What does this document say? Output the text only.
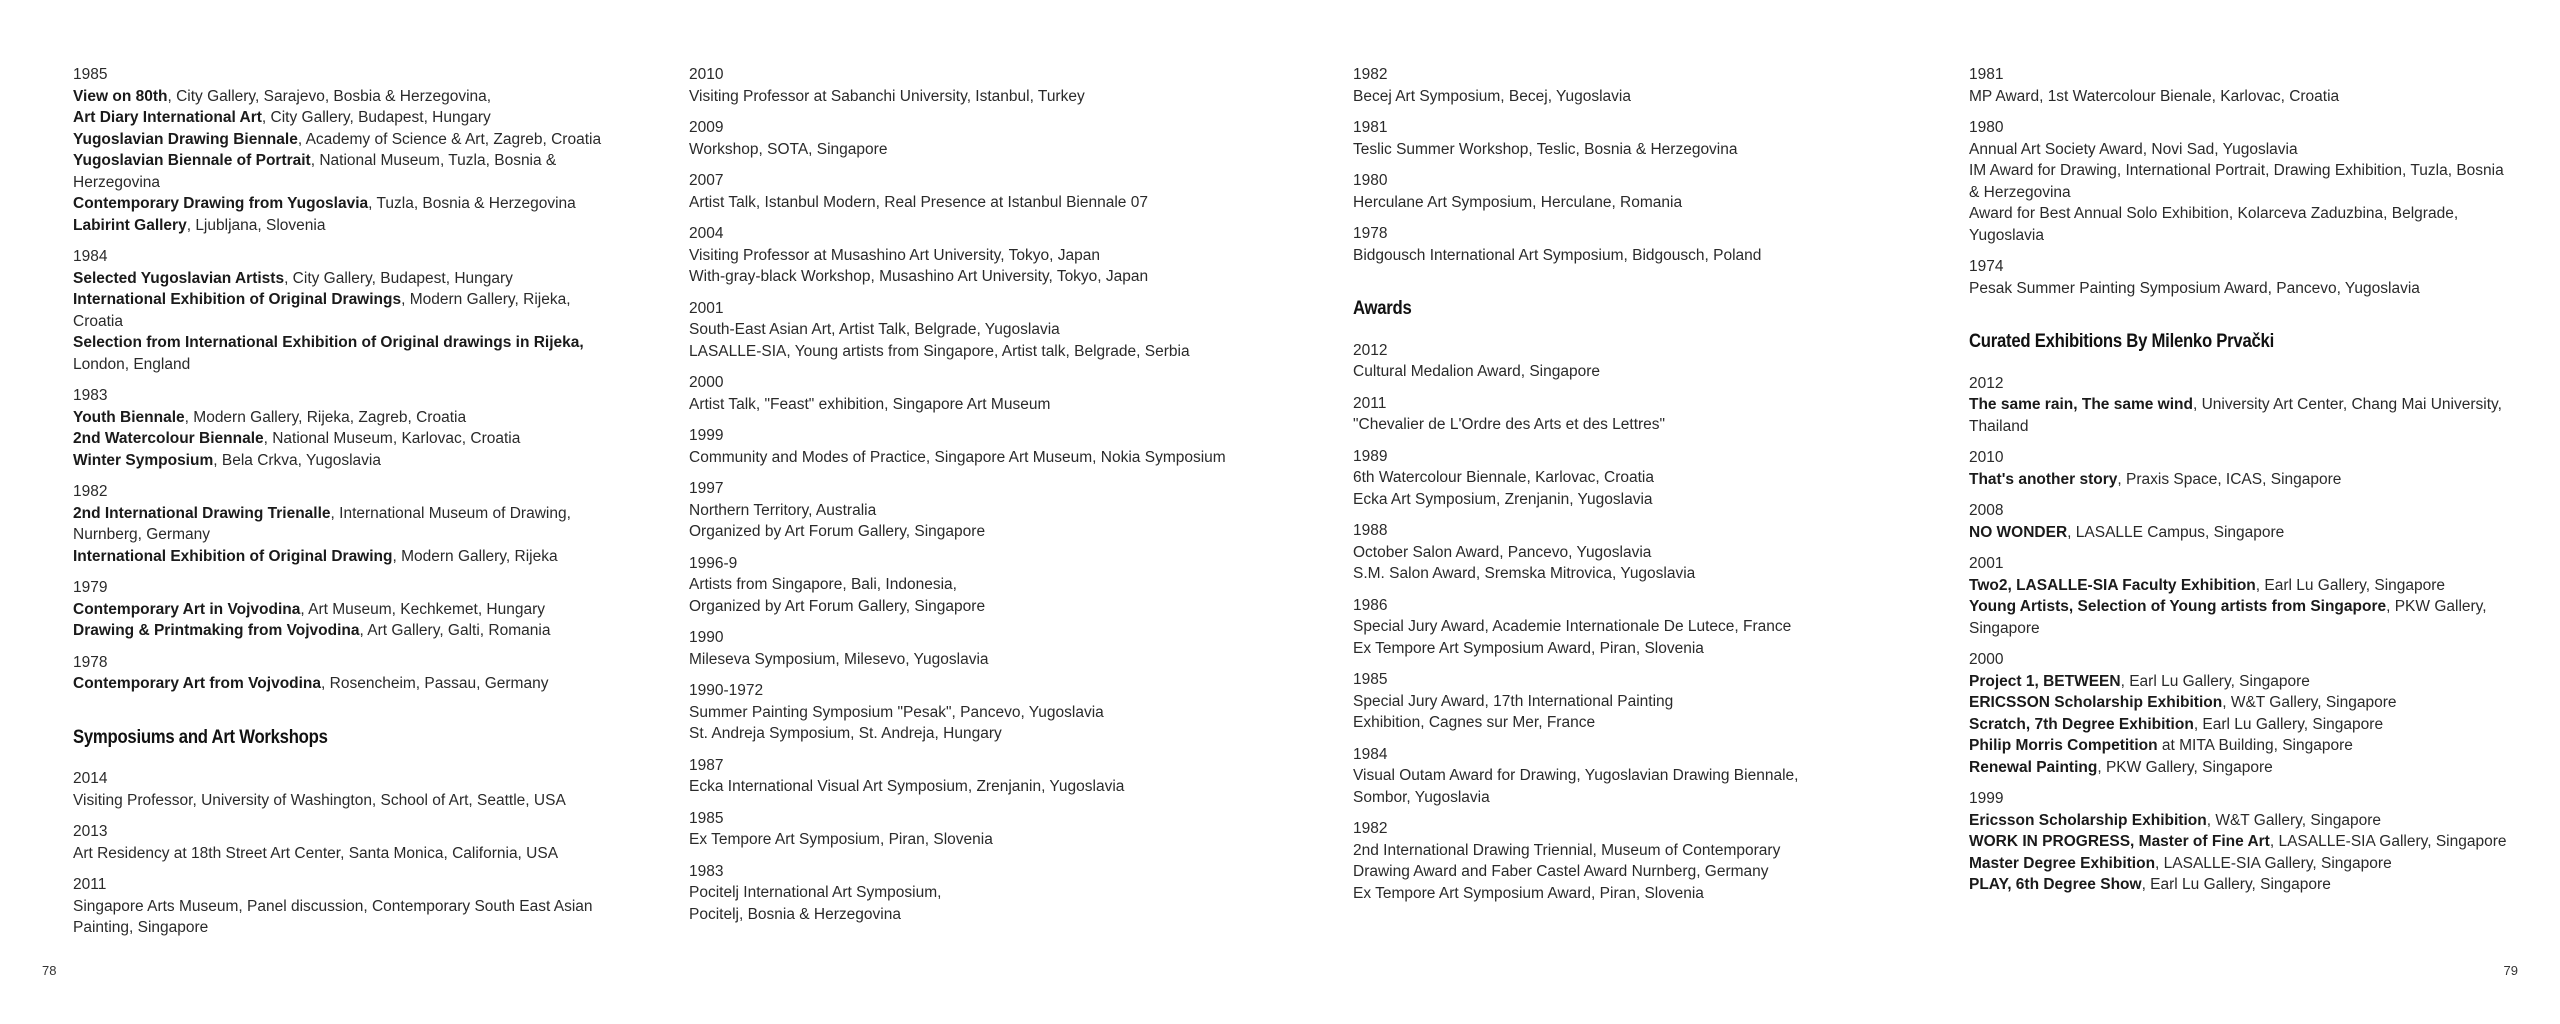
1985
View on 80th, City Gallery, Sarajevo, Bosbia & Herzegovina,
Art Diary International Art, City Gallery, Budapest, Hungary
Yugoslavian Drawing Biennale, Academy of Science & Art, Zagreb, Croatia
Yugoslavian Biennale of Portrait, National Museum, Tuzla, Bosnia & Herzegovina
Contemporary Drawing from Yugoslavia, Tuzla, Bosnia & Herzegovina
Labirint Gallery, Ljubljana, Slovenia
1984
Selected Yugoslavian Artists, City Gallery, Budapest, Hungary
International Exhibition of Original Drawings, Modern Gallery, Rijeka, Croatia
Selection from International Exhibition of Original drawings in Rijeka, London, England
1983
Youth Biennale, Modern Gallery, Rijeka, Zagreb, Croatia
2nd Watercolour Biennale, National Museum, Karlovac, Croatia
Winter Symposium, Bela Crkva, Yugoslavia
1982
2nd International Drawing Trienalle, International Museum of Drawing, Nurnberg, Germany
International Exhibition of Original Drawing, Modern Gallery, Rijeka
1979
Contemporary Art in Vojvodina, Art Museum, Kechkemet, Hungary
Drawing & Printmaking from Vojvodina, Art Gallery, Galti, Romania
1978
Contemporary Art from Vojvodina, Rosencheim, Passau, Germany
Symposiums and Art Workshops
2014
Visiting Professor, University of Washington, School of Art, Seattle, USA
2013
Art Residency at 18th Street Art Center, Santa Monica, California, USA
2011
Singapore Arts Museum, Panel discussion, Contemporary South East Asian Painting, Singapore
2010
Visiting Professor at Sabanchi University, Istanbul, Turkey
2009
Workshop, SOTA, Singapore
2007
Artist Talk, Istanbul Modern, Real Presence at Istanbul Biennale 07
2004
Visiting Professor at Musashino Art University, Tokyo, Japan
With-gray-black Workshop, Musashino Art University, Tokyo, Japan
2001
South-East Asian Art, Artist Talk, Belgrade, Yugoslavia
LASALLE-SIA, Young artists from Singapore, Artist talk, Belgrade, Serbia
2000
Artist Talk, "Feast" exhibition, Singapore Art Museum
1999
Community and Modes of Practice, Singapore Art Museum, Nokia Symposium
1997
Northern Territory, Australia
Organized by Art Forum Gallery, Singapore
1996-9
Artists from Singapore, Bali, Indonesia,
Organized by Art Forum Gallery, Singapore
1990
Mileseva Symposium, Milesevo, Yugoslavia
1990-1972
Summer Painting Symposium "Pesak", Pancevo, Yugoslavia
St. Andreja Symposium, St. Andreja, Hungary
1987
Ecka International Visual Art Symposium, Zrenjanin, Yugoslavia
1985
Ex Tempore Art Symposium, Piran, Slovenia
1983
Pocitelj International Art Symposium,
Pocitelj, Bosnia & Herzegovina
1982
Becej Art Symposium, Becej, Yugoslavia
1981
Teslic Summer Workshop, Teslic, Bosnia & Herzegovina
1980
Herculane Art Symposium, Herculane, Romania
1978
Bidgousch International Art Symposium, Bidgousch, Poland
Awards
2012
Cultural Medalion Award, Singapore
2011
"Chevalier de L'Ordre des Arts et des Lettres"
1989
6th Watercolour Biennale, Karlovac, Croatia
Ecka Art Symposium, Zrenjanin, Yugoslavia
1988
October Salon Award, Pancevo, Yugoslavia
S.M. Salon Award, Sremska Mitrovica, Yugoslavia
1986
Special Jury Award, Academie Internationale De Lutece, France
Ex Tempore Art Symposium Award, Piran, Slovenia
1985
Special Jury Award, 17th International Painting
Exhibition, Cagnes sur Mer, France
1984
Visual Outam Award for Drawing, Yugoslavian Drawing Biennale,
Sombor, Yugoslavia
1982
2nd International Drawing Triennial, Museum of Contemporary
Drawing Award and Faber Castel Award Nurnberg, Germany
Ex Tempore Art Symposium Award, Piran, Slovenia
1981
MP Award, 1st Watercolour Bienale, Karlovac, Croatia
1980
Annual Art Society Award, Novi Sad, Yugoslavia
IM Award for Drawing, International Portrait, Drawing Exhibition, Tuzla, Bosnia & Herzegovina
Award for Best Annual Solo Exhibition, Kolarceva Zaduzbina, Belgrade, Yugoslavia
1974
Pesak Summer Painting Symposium Award, Pancevo, Yugoslavia
Curated Exhibitions By Milenko Prvački
2012
The same rain, The same wind, University Art Center, Chang Mai University, Thailand
2010
That's another story, Praxis Space, ICAS, Singapore
2008
NO WONDER, LASALLE Campus, Singapore
2001
Two2, LASALLE-SIA Faculty Exhibition, Earl Lu Gallery, Singapore
Young Artists, Selection of Young artists from Singapore, PKW Gallery, Singapore
2000
Project 1, BETWEEN, Earl Lu Gallery, Singapore
ERICSSON Scholarship Exhibition, W&T Gallery, Singapore
Scratch, 7th Degree Exhibition, Earl Lu Gallery, Singapore
Philip Morris Competition at MITA Building, Singapore
Renewal Painting, PKW Gallery, Singapore
1999
Ericsson Scholarship Exhibition, W&T Gallery, Singapore
WORK IN PROGRESS, Master of Fine Art, LASALLE-SIA Gallery, Singapore
Master Degree Exhibition, LASALLE-SIA Gallery, Singapore
PLAY, 6th Degree Show, Earl Lu Gallery, Singapore
78	79
